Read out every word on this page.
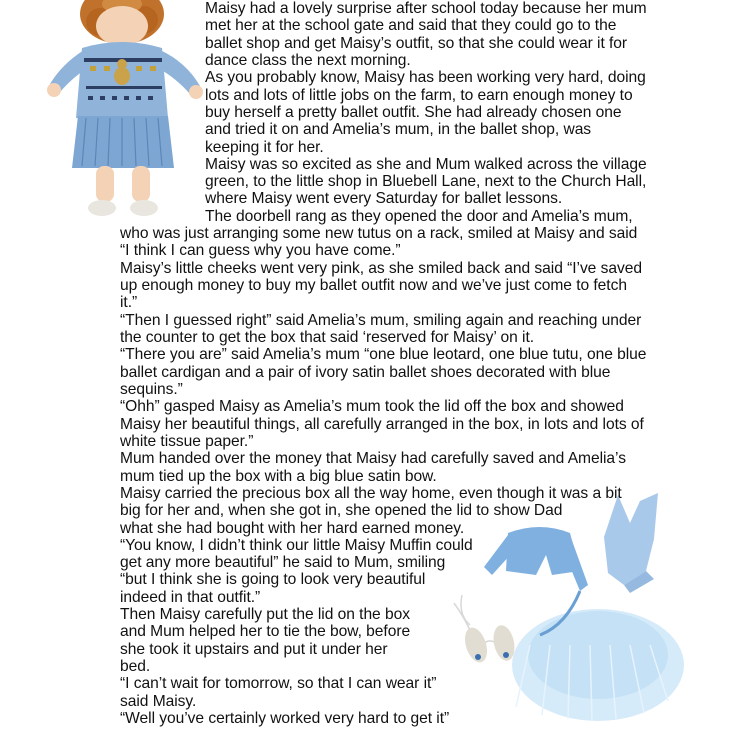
Maisy had a lovely surprise after school today because her mum
met her at the school gate and said that they could go to the
ballet shop and get Maisy’s outfit, so that she could wear it for
dance class the next morning.
As you probably know, Maisy has been working very hard, doing
lots and lots of little jobs on the farm, to earn enough money to
buy herself a pretty ballet outfit. She had already chosen one
and tried it on and Amelia’s mum, in the ballet shop, was
keeping it for her.
Maisy was so excited as she and Mum walked across the village
green, to the little shop in Bluebell Lane, next to the Church Hall,
where Maisy went every Saturday for ballet lessons.
The doorbell rang as they opened the door and Amelia’s mum,
who was just arranging some new tutus on a rack, smiled at Maisy and said
“I think I can guess why you have come.”
Maisy’s little cheeks went very pink, as she smiled back and said “I’ve saved
up enough money to buy my ballet outfit now and we’ve just come to fetch
it.”
“Then I guessed right” said Amelia’s mum, smiling again and reaching under
the counter to get the box that said ‘reserved for Maisy’ on it.
“There you are” said Amelia’s mum “one blue leotard, one blue tutu, one blue
ballet cardigan and a pair of ivory satin ballet shoes decorated with blue
sequins.”
“Ohh” gasped Maisy as Amelia’s mum took the lid off the box and showed
Maisy her beautiful things, all carefully arranged in the box, in lots and lots of
white tissue paper.”
Mum handed over the money that Maisy had carefully saved and Amelia’s
mum tied up the box with a big blue satin bow.
Maisy carried the precious box all the way home, even though it was a bit
big for her and, when she got in, she opened the lid to show Dad
what she had bought with her hard earned money.
“You know, I didn’t think our little Maisy Muffin could
get any more beautiful” he said to Mum, smiling
“but I think she is going to look very beautiful
indeed in that outfit.”
Then Maisy carefully put the lid on the box
and Mum helped her to tie the bow, before
she took it upstairs and put it under her
bed.
“I can’t wait for tomorrow, so that I can wear it”
said Maisy.
“Well you’ve certainly worked very hard to get it”
